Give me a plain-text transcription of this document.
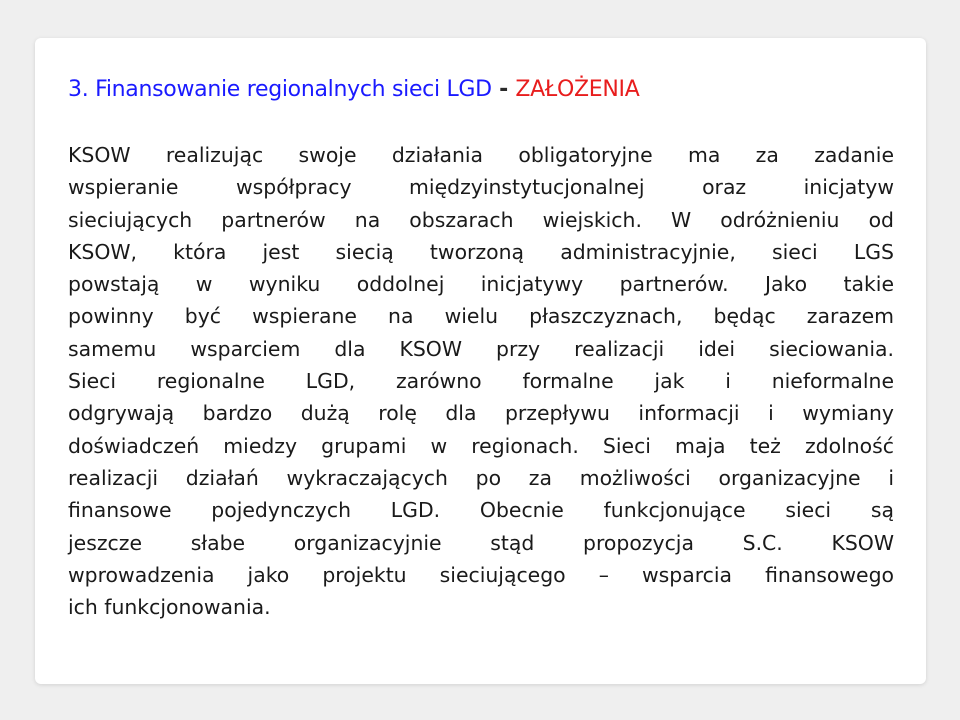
3. Finansowanie regionalnych sieci LGD - ZAŁOŻENIA
KSOW realizując swoje działania obligatoryjne ma za zadanie
wspieranie współpracy międzyinstytucjonalnej oraz inicjatyw
sieciujących partnerów na obszarach wiejskich. W odróżnieniu od
KSOW, która jest siecią tworzoną administracyjnie, sieci LGS
powstają w wyniku oddolnej inicjatywy partnerów. Jako takie
powinny być wspierane na wielu płaszczyznach, będąc zarazem
samemu wsparciem dla KSOW przy realizacji idei sieciowania.
Sieci regionalne LGD, zarówno formalne jak i nieformalne
odgrywają bardzo dużą rolę dla przepływu informacji i wymiany
doświadczeń miedzy grupami w regionach. Sieci maja też zdolność
realizacji działań wykraczających po za możliwości organizacyjne i
finansowe pojedynczych LGD. Obecnie funkcjonujące sieci są
jeszcze słabe organizacyjnie stąd propozycja S.C. KSOW
wprowadzenia jako projektu sieciującego – wsparcia finansowego
ich funkcjonowania.
